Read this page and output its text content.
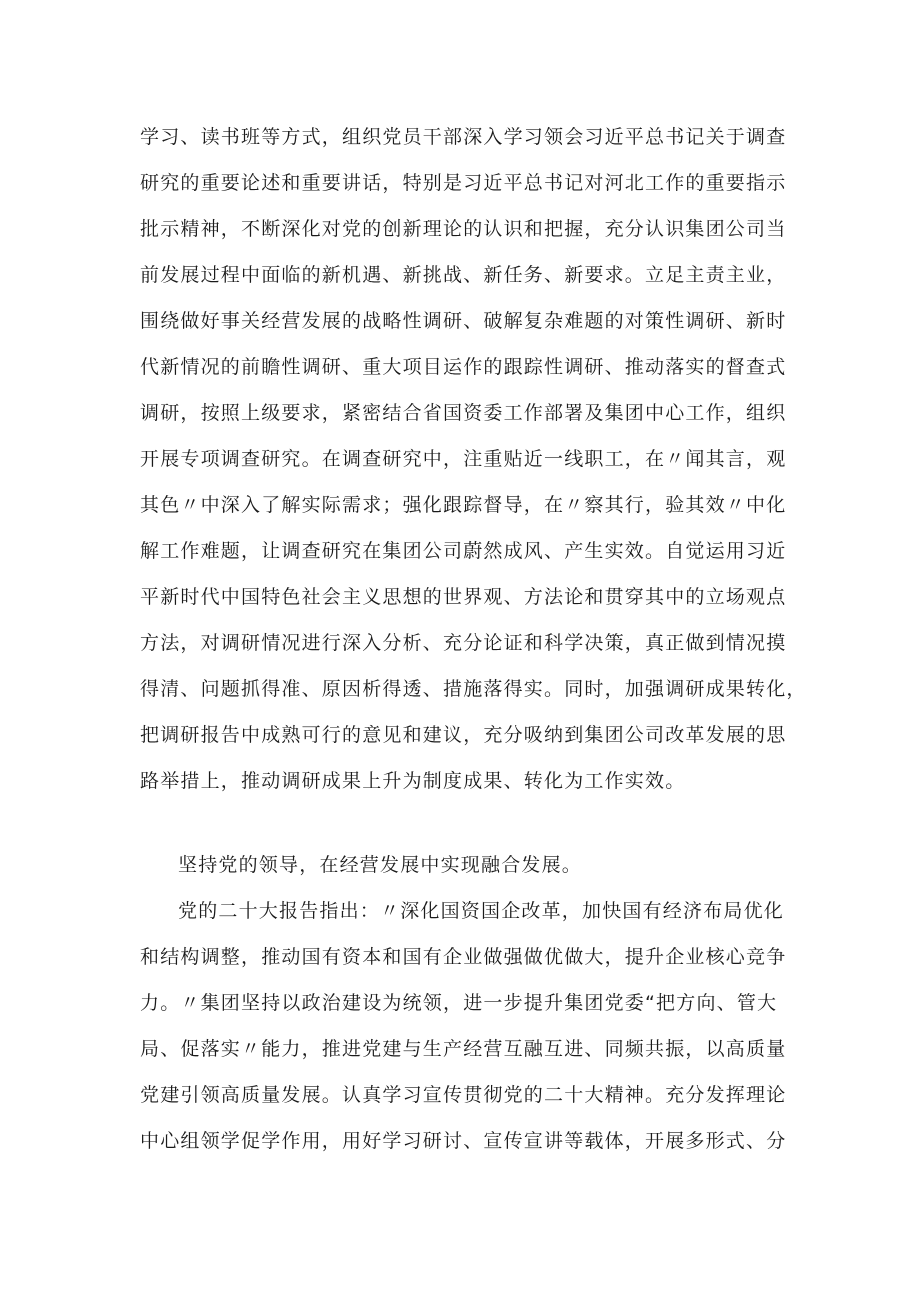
学习、读书班等方式，组织党员干部深入学习领会习近平总书记关于调查
研究的重要论述和重要讲话，特别是习近平总书记对河北工作的重要指示
批示精神，不断深化对党的创新理论的认识和把握，充分认识集团公司当
前发展过程中面临的新机遇、新挑战、新任务、新要求。立足主责主业，
围绕做好事关经营发展的战略性调研、破解复杂难题的对策性调研、新时
代新情况的前瞻性调研、重大项目运作的跟踪性调研、推动落实的督查式
调研，按照上级要求，紧密结合省国资委工作部署及集团中心工作，组织
开展专项调查研究。在调查研究中，注重贴近一线职工，在〃闻其言，观
其色〃中深入了解实际需求；强化跟踪督导，在〃察其行，验其效〃中化
解工作难题，让调查研究在集团公司蔚然成风、产生实效。自觉运用习近
平新时代中国特色社会主义思想的世界观、方法论和贯穿其中的立场观点
方法，对调研情况进行深入分析、充分论证和科学决策，真正做到情况摸
得清、问题抓得准、原因析得透、措施落得实。同时，加强调研成果转化，
把调研报告中成熟可行的意见和建议，充分吸纳到集团公司改革发展的思
路举措上，推动调研成果上升为制度成果、转化为工作实效。
坚持党的领导，在经营发展中实现融合发展。
党的二十大报告指出：〃深化国资国企改革，加快国有经济布局优化
和结构调整，推动国有资本和国有企业做强做优做大，提升企业核心竞争
力。〃集团坚持以政治建设为统领，进一步提升集团党委“把方向、管大
局、促落实〃能力，推进党建与生产经营互融互进、同频共振，以高质量
党建引领高质量发展。认真学习宣传贯彻党的二十大精神。充分发挥理论
中心组领学促学作用，用好学习研讨、宣传宣讲等载体，开展多形式、分
